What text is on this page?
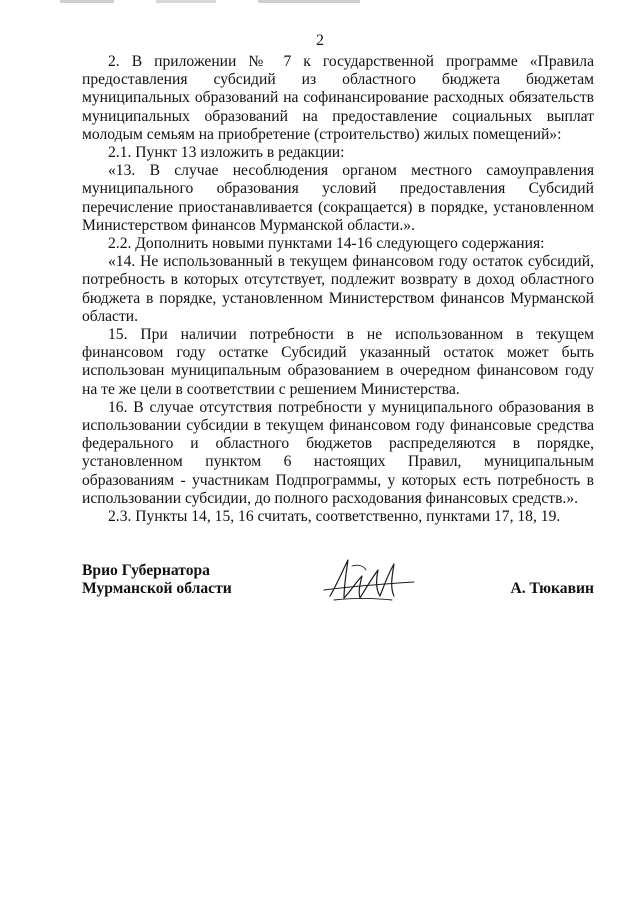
2

2. В приложении № 7 к государственной программе «Правила предоставления субсидий из областного бюджета бюджетам муниципальных образований на софинансирование расходных обязательств муниципальных образований на предоставление социальных выплат молодым семьям на приобретение (строительство) жилых помещений»:

2.1. Пункт 13 изложить в редакции:

«13. В случае несоблюдения органом местного самоуправления муниципального образования условий предоставления Субсидий перечисление приостанавливается (сокращается) в порядке, установленном Министерством финансов Мурманской области.».

2.2. Дополнить новыми пунктами 14-16 следующего содержания:

«14. Не использованный в текущем финансовом году остаток субсидий, потребность в которых отсутствует, подлежит возврату в доход областного бюджета в порядке, установленном Министерством финансов Мурманской области.

15. При наличии потребности в не использованном в текущем финансовом году остатке Субсидий указанный остаток может быть использован муниципальным образованием в очередном финансовом году на те же цели в соответствии с решением Министерства.

16. В случае отсутствия потребности у муниципального образования в использовании субсидии в текущем финансовом году финансовые средства федерального и областного бюджетов распределяются в порядке, установленном пунктом 6 настоящих Правил, муниципальным образованиям - участникам Подпрограммы, у которых есть потребность в использовании субсидии, до полного расходования финансовых средств.».

2.3. Пункты 14, 15, 16 считать, соответственно, пунктами 17, 18, 19.

Врио Губернатора
Мурманской области	А. Тюкавин
